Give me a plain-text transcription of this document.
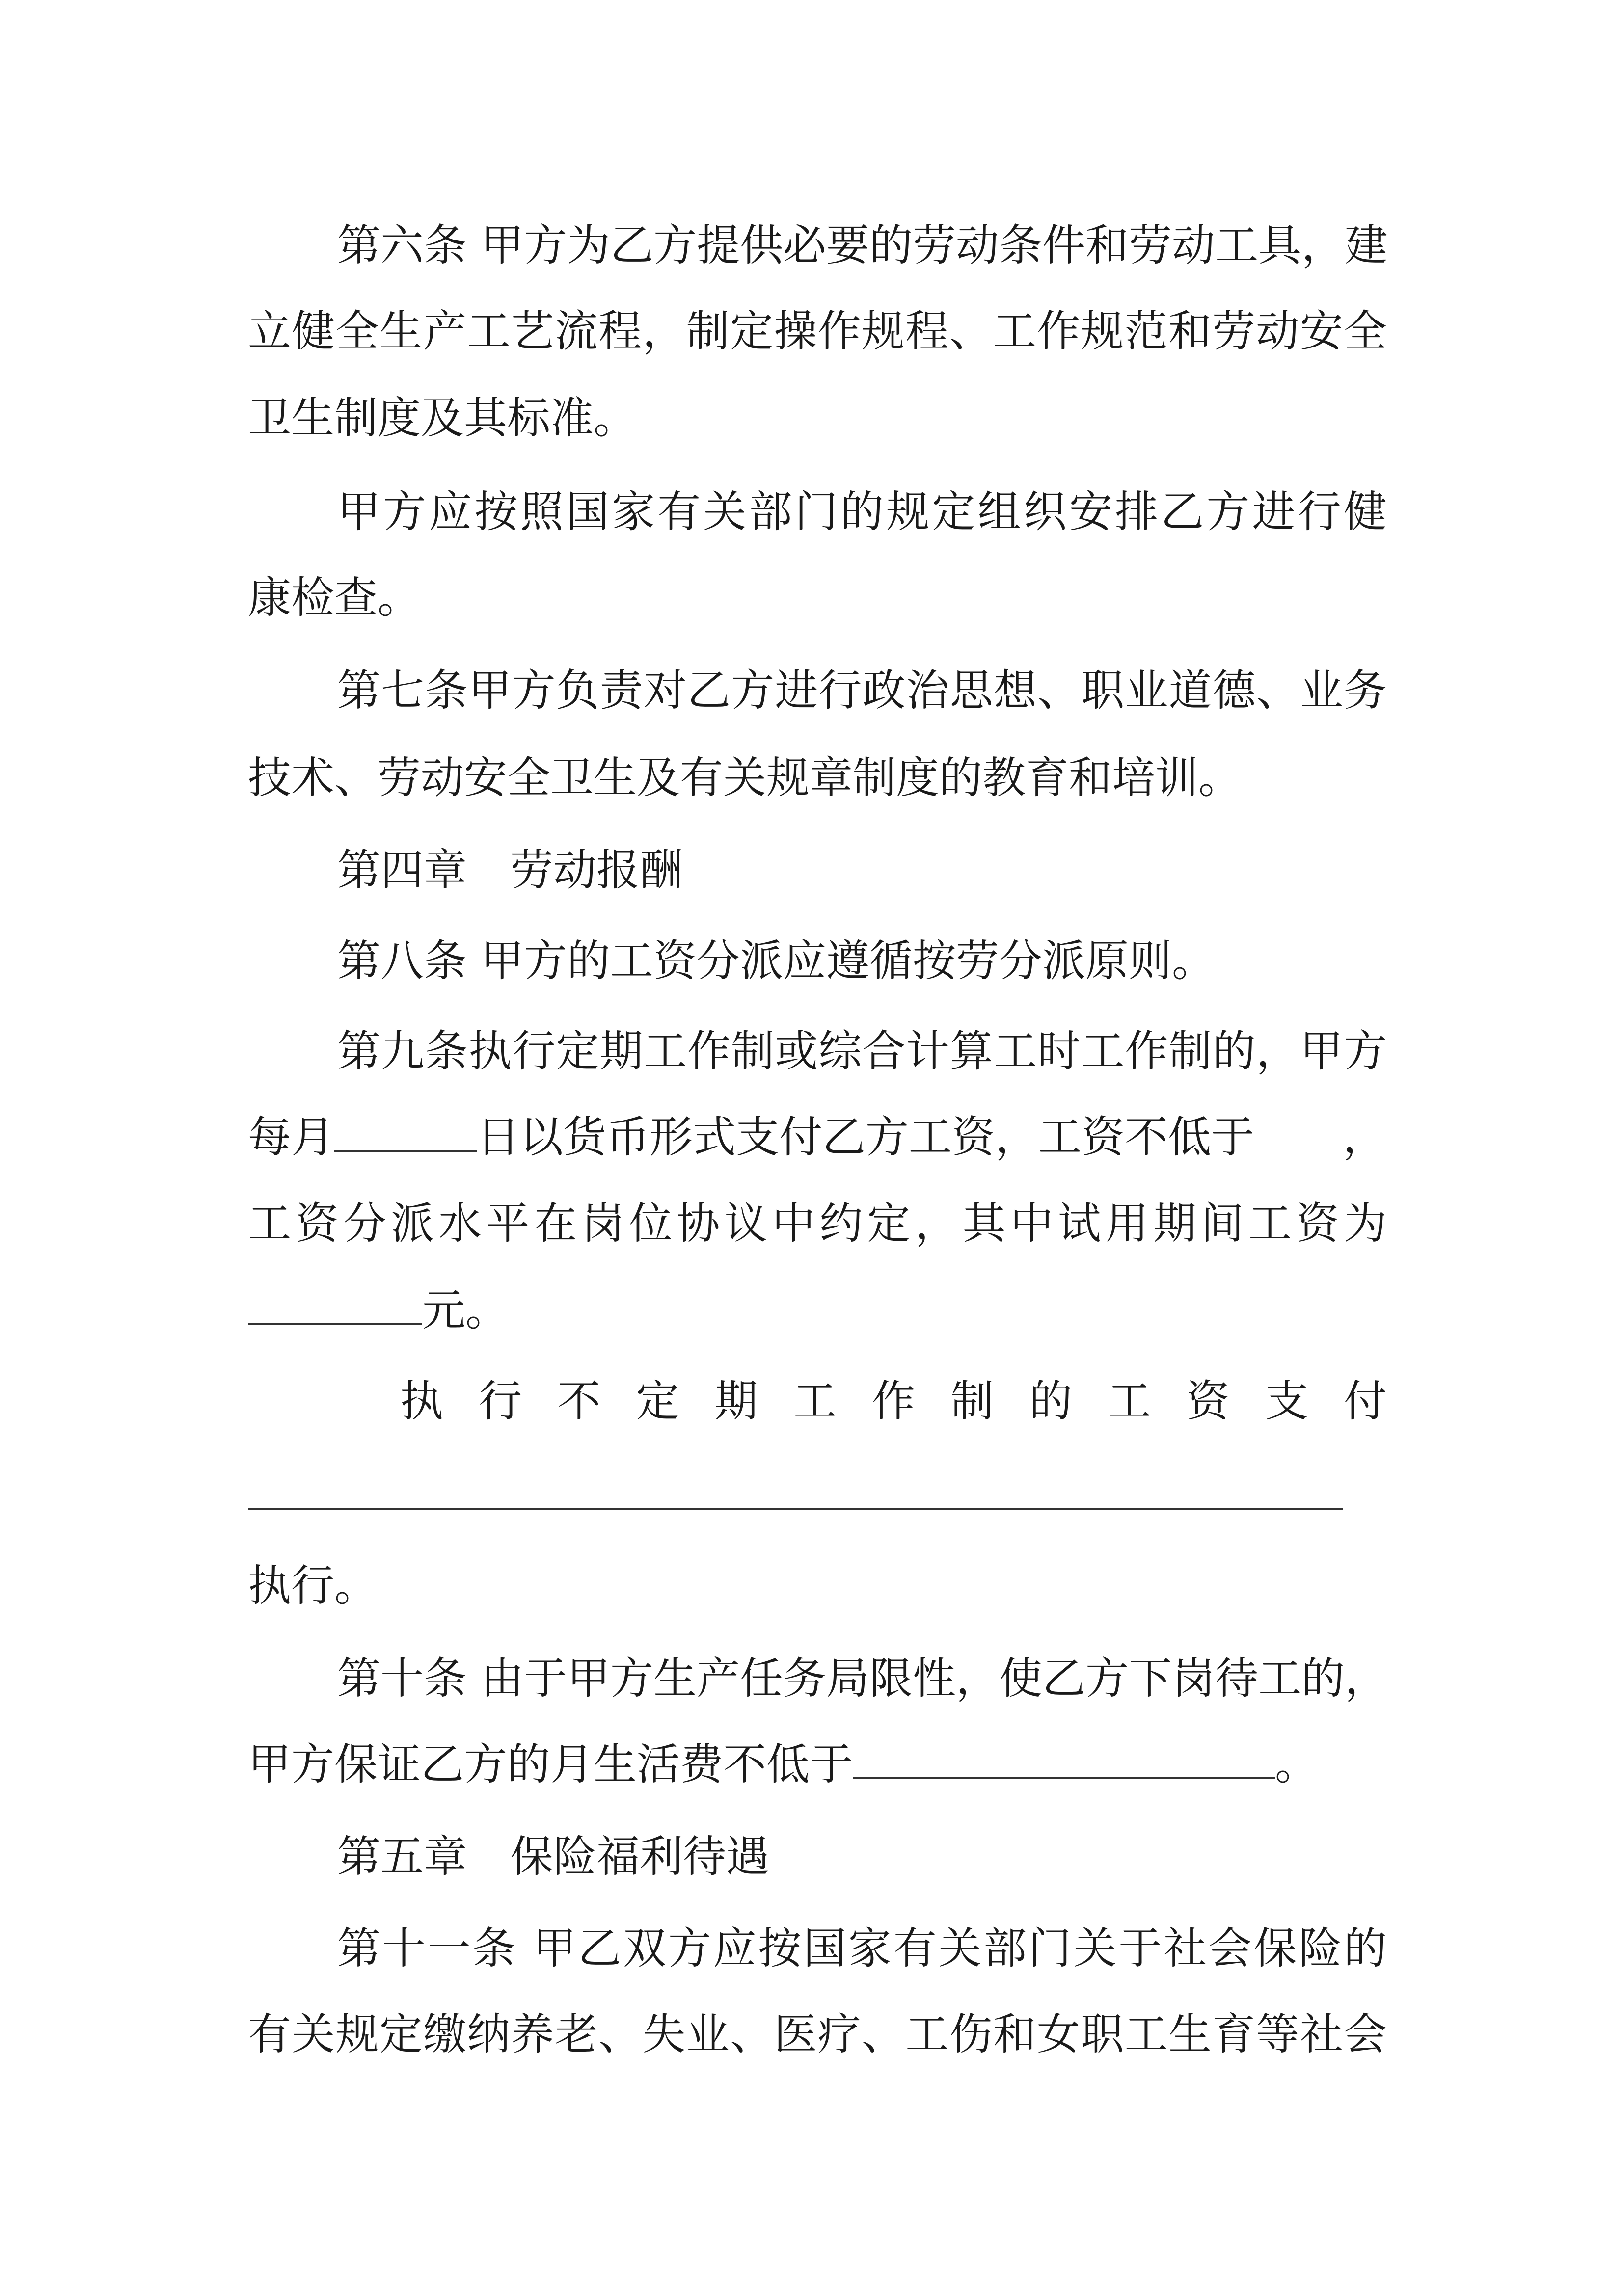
第六条 甲方为乙方提供必要的劳动条件和劳动工具，建
立健全生产工艺流程，制定操作规程、工作规范和劳动安全
卫生制度及其标准。
甲方应按照国家有关部门的规定组织安排乙方进行健
康检查。
第七条甲方负责对乙方进行政治思想、职业道德、业务
技术、劳动安全卫生及有关规章制度的教育和培训。
第四章　劳动报酬
第八条 甲方的工资分派应遵循按劳分派原则。
第九条执行定期工作制或综合计算工时工作制的，甲方
每月	日以货币形式支付乙方工资，工资不低于 ，
工资分派水平在岗位协议中约定，其中试用期间工资为
元。
执行不定期工作制的工资支付
执行。
第十条 由于甲方生产任务局限性，使乙方下岗待工的，
甲方保证乙方的月生活费不低于	。
第五章　保险福利待遇
第十一条 甲乙双方应按国家有关部门关于社会保险的
有关规定缴纳养老、失业、医疗、工伤和女职工生育等社会
